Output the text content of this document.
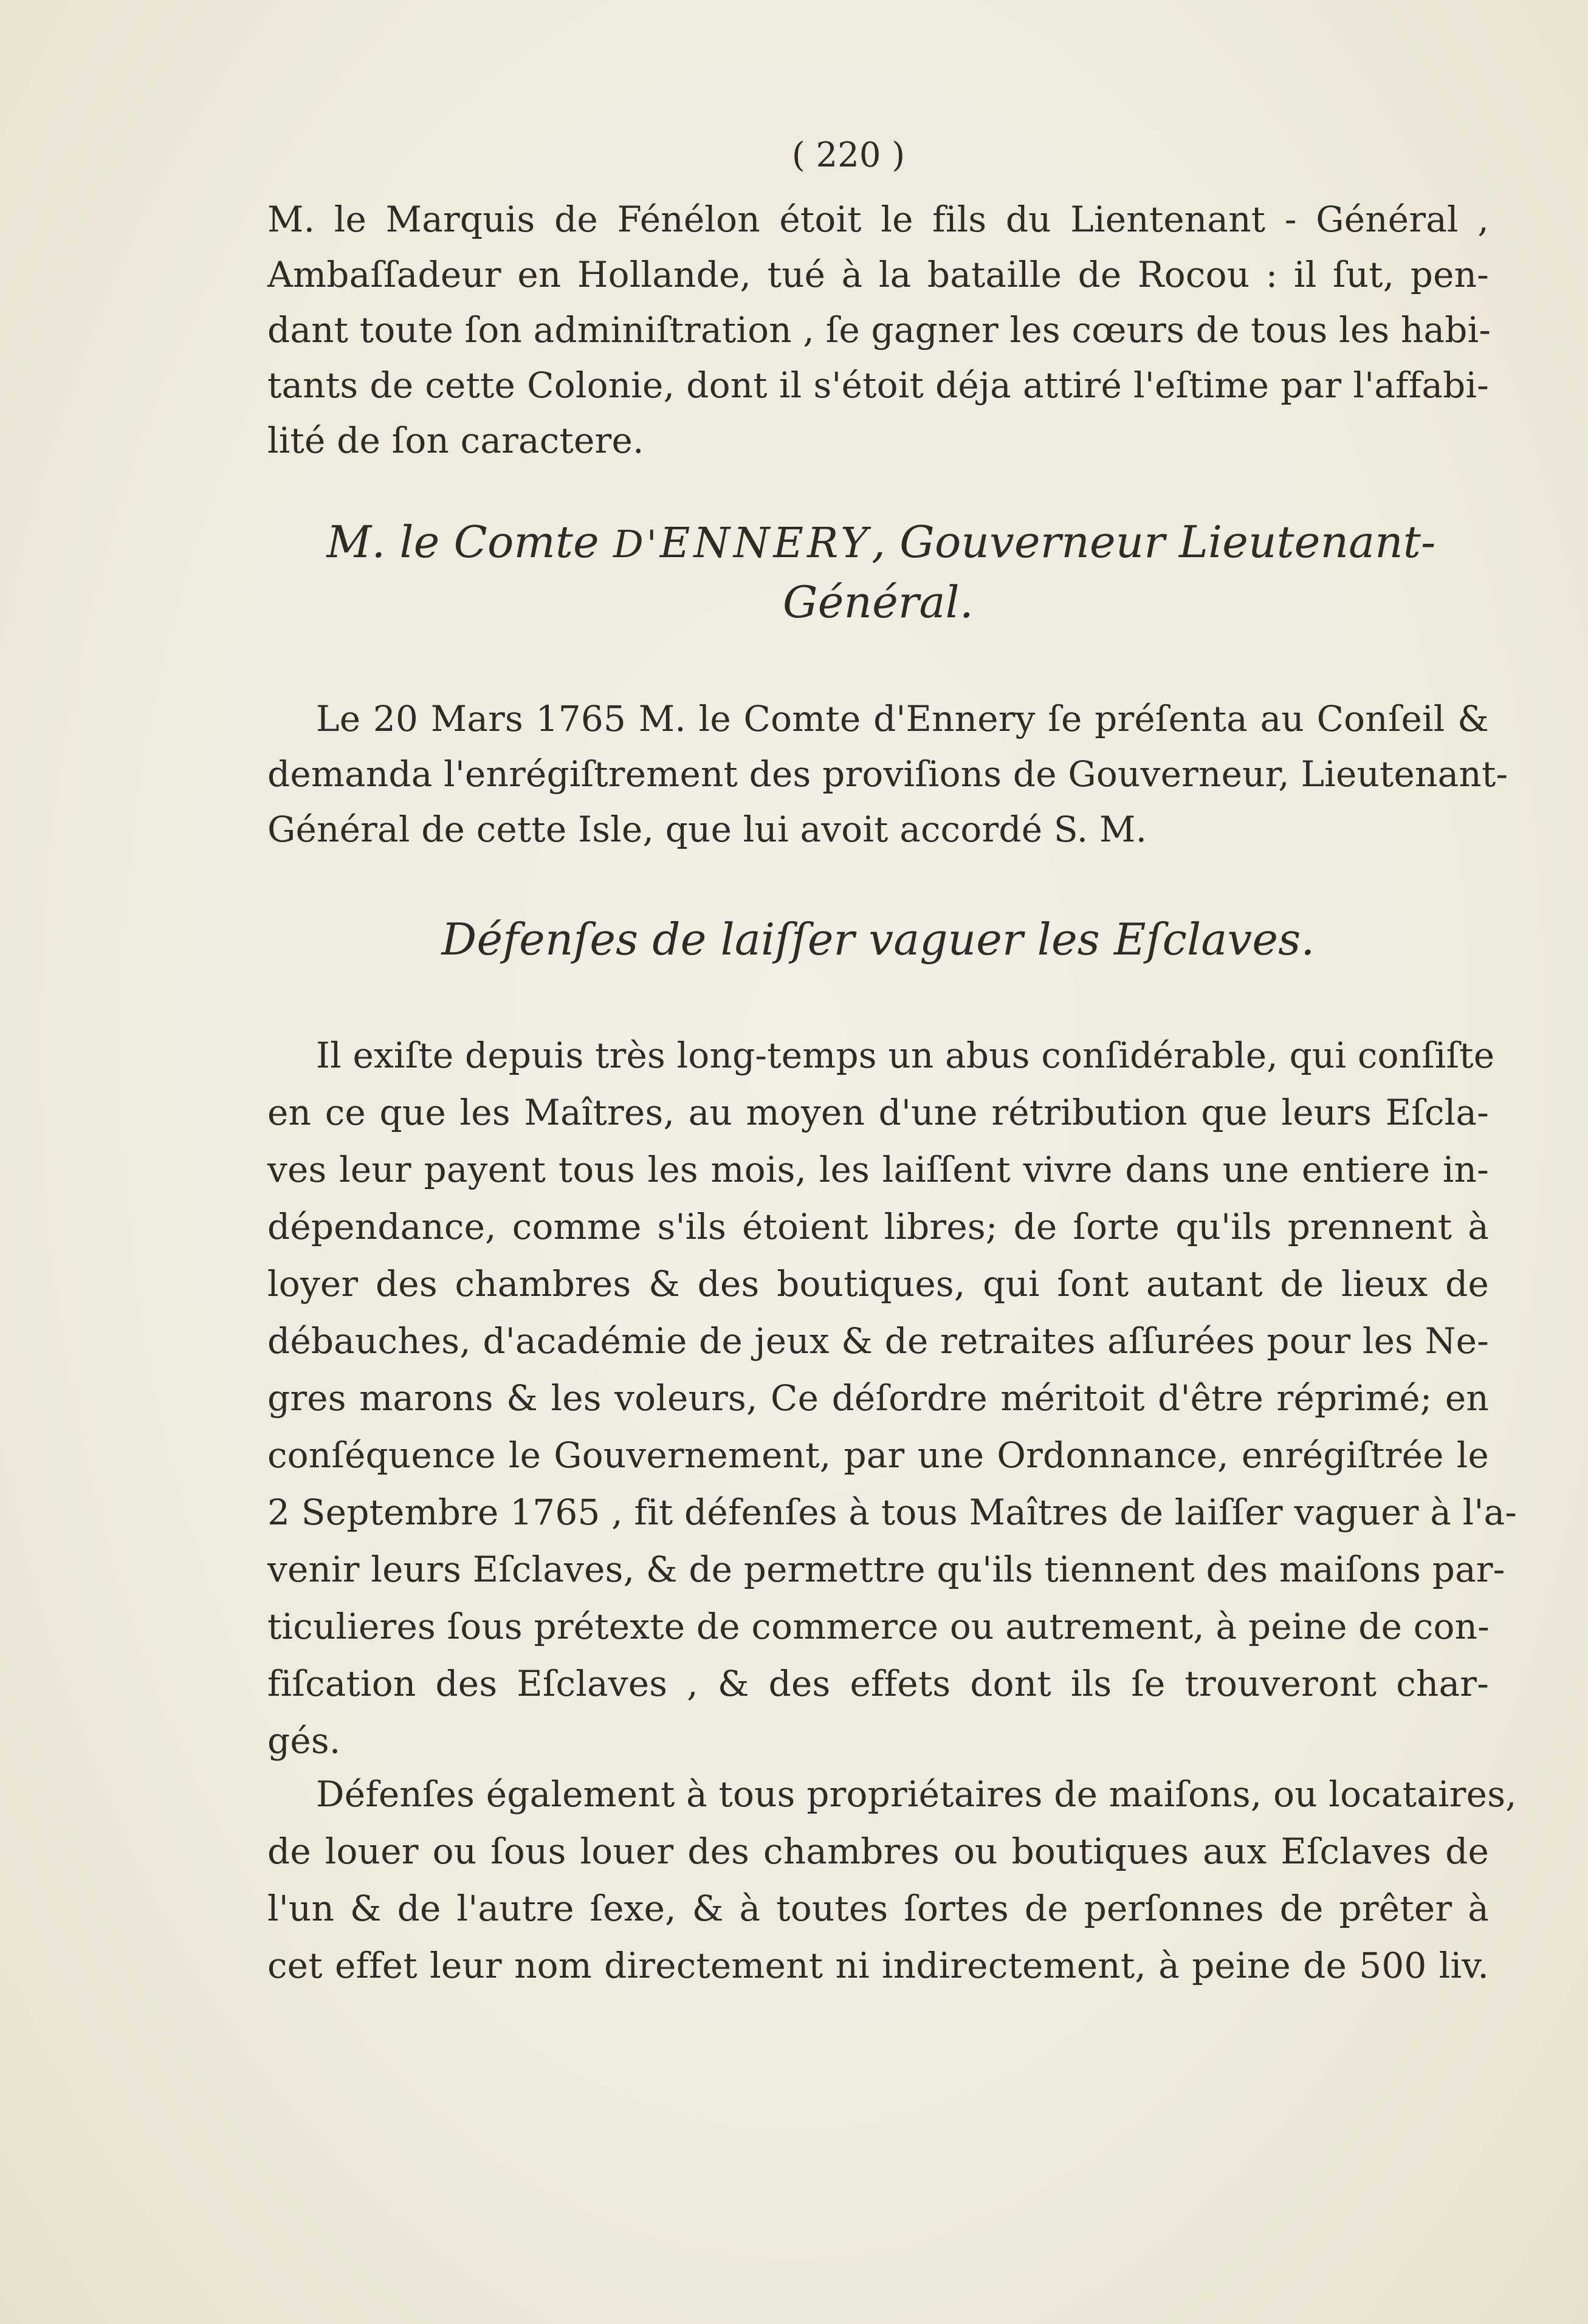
( 220 )
M. le Marquis de Fénélon étoit le fils du Lientenant - Général ,
Ambaſſadeur en Hollande, tué à la bataille de Rocou : il ſut, pen-
dant toute ſon adminiſtration , ſe gagner les cœurs de tous les habi-
tants de cette Colonie, dont il s'étoit déja attiré l'eſtime par l'affabi-
lité de ſon caractere.
M. le Comte D'ENNERY, Gouverneur Lieutenant-
Général.
Le 20 Mars 1765 M. le Comte d'Ennery ſe préſenta au Conſeil &
demanda l'enrégiſtrement des proviſions de Gouverneur, Lieutenant-
Général de cette Isle, que lui avoit accordé S. M.
Défenſes de laiſſer vaguer les Eſclaves.
Il exiſte depuis très long-temps un abus conſidérable, qui conſiſte
en ce que les Maîtres, au moyen d'une rétribution que leurs Eſcla-
ves leur payent tous les mois, les laiſſent vivre dans une entiere in-
dépendance, comme s'ils étoient libres; de ſorte qu'ils prennent à
loyer des chambres & des boutiques, qui ſont autant de lieux de
débauches, d'académie de jeux & de retraites aſſurées pour les Ne-
gres marons & les voleurs, Ce déſordre méritoit d'être réprimé; en
conſéquence le Gouvernement, par une Ordonnance, enrégiſtrée le
2 Septembre 1765 , fit défenſes à tous Maîtres de laiſſer vaguer à l'a-
venir leurs Eſclaves, & de permettre qu'ils tiennent des maiſons par-
ticulieres ſous prétexte de commerce ou autrement, à peine de con-
fiſcation des Eſclaves , & des effets dont ils ſe trouveront char-
gés.
Défenſes également à tous propriétaires de maiſons, ou locataires,
de louer ou ſous louer des chambres ou boutiques aux Eſclaves de
l'un & de l'autre ſexe, & à toutes ſortes de perſonnes de prêter à
cet effet leur nom directement ni indirectement, à peine de 500 liv.
